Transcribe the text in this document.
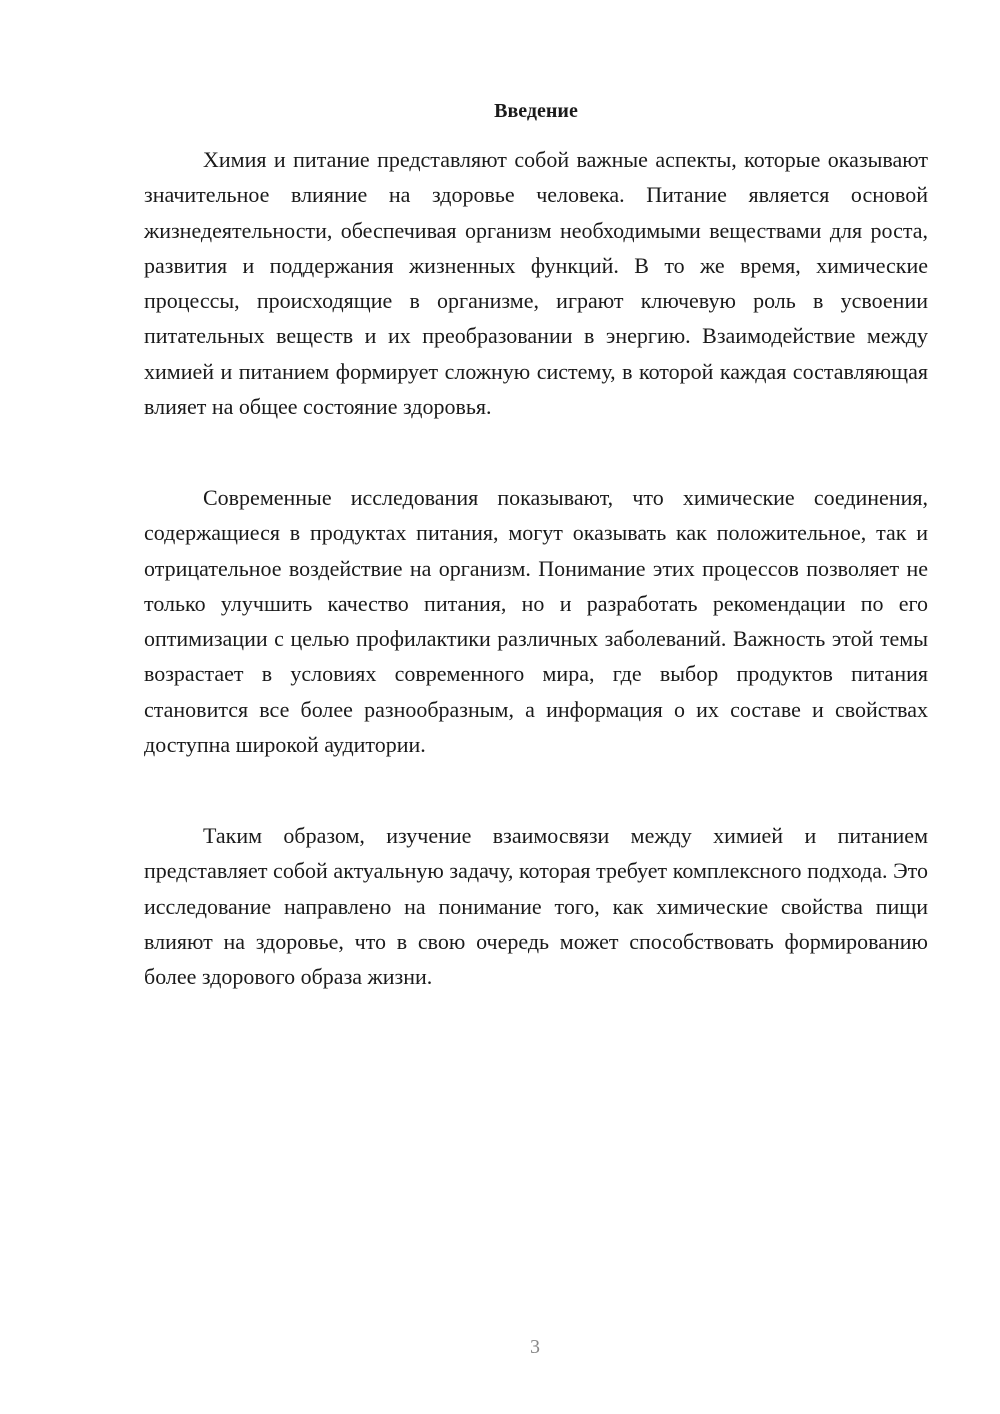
Введение

Химия и питание представляют собой важные аспекты, которые оказывают значительное влияние на здоровье человека. Питание является основой жизнедеятельности, обеспечивая организм необходимыми веществами для роста, развития и поддержания жизненных функций. В то же время, химические процессы, происходящие в организме, играют ключевую роль в усвоении питательных веществ и их преобразовании в энергию. Взаимодействие между химией и питанием формирует сложную систему, в которой каждая составляющая влияет на общее состояние здоровья.

Современные исследования показывают, что химические соединения, содержащиеся в продуктах питания, могут оказывать как положительное, так и отрицательное воздействие на организм. Понимание этих процессов позволяет не только улучшить качество питания, но и разработать рекомендации по его оптимизации с целью профилактики различных заболеваний. Важность этой темы возрастает в условиях современного мира, где выбор продуктов питания становится все более разнообразным, а информация о их составе и свойствах доступна широкой аудитории.

Таким образом, изучение взаимосвязи между химией и питанием представляет собой актуальную задачу, которая требует комплексного подхода. Это исследование направлено на понимание того, как химические свойства пищи влияют на здоровье, что в свою очередь может способствовать формированию более здорового образа жизни.

3
